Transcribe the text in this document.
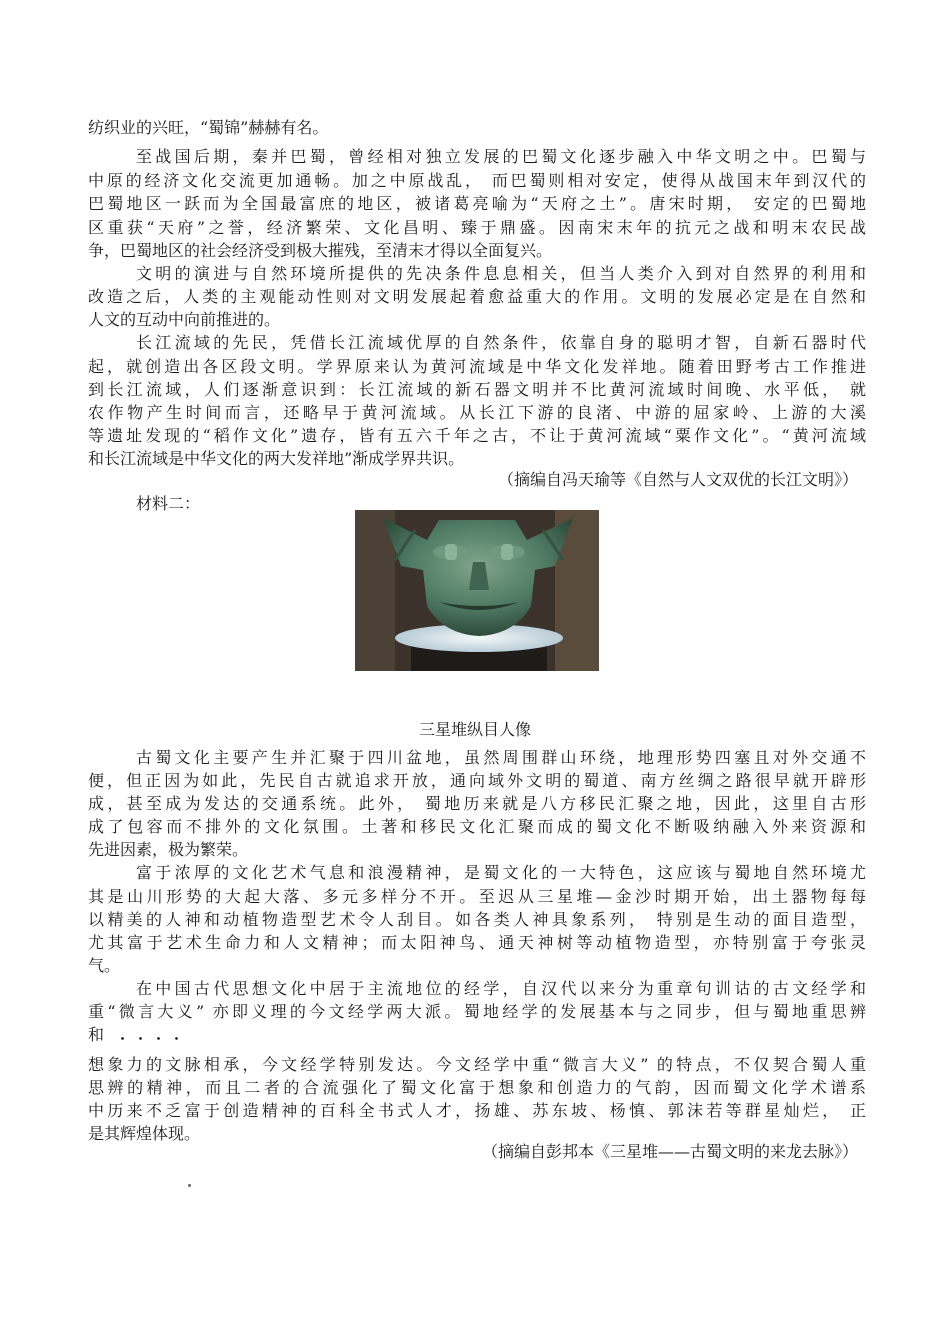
纺织业的兴旺，“蜀锦”赫赫有名。
至战国后期，秦并巴蜀，曾经相对独立发展的巴蜀文化逐步融入中华文明之中。巴蜀与
中原的经济文化交流更加通畅。加之中原战乱， 而巴蜀则相对安定，使得从战国末年到汉代的
巴蜀地区一跃而为全国最富庶的地区，被诸葛亮喻为“天府之土”。唐宋时期， 安定的巴蜀地
区重获“天府”之誉，经济繁荣、文化昌明、臻于鼎盛。因南宋末年的抗元之战和明末农民战
争，巴蜀地区的社会经济受到极大摧残，至清末才得以全面复兴。
文明的演进与自然环境所提供的先决条件息息相关，但当人类介入到对自然界的利用和
改造之后，人类的主观能动性则对文明发展起着愈益重大的作用。文明的发展必定是在自然和
人文的互动中向前推进的。
长江流域的先民，凭借长江流域优厚的自然条件，依靠自身的聪明才智，自新石器时代
起，就创造出各区段文明。学界原来认为黄河流域是中华文化发祥地。随着田野考古工作推进
到长江流域，人们逐渐意识到：长江流域的新石器文明并不比黄河流域时间晚、水平低， 就
农作物产生时间而言，还略早于黄河流域。从长江下游的良渚、中游的屈家岭、上游的大溪
等遗址发现的“稻作文化”遗存，皆有五六千年之古，不让于黄河流域“粟作文化”。“黄河流域
和长江流域是中华文化的两大发祥地”渐成学界共识。
（摘编自冯天瑜等《自然与人文双优的长江文明》）
材料二：
三星堆纵目人像
古蜀文化主要产生并汇聚于四川盆地，虽然周围群山环绕，地理形势四塞且对外交通不
便，但正因为如此，先民自古就追求开放，通向域外文明的蜀道、南方丝绸之路很早就开辟形
成，甚至成为发达的交通系统。此外， 蜀地历来就是八方移民汇聚之地，因此，这里自古形
成了包容而不排外的文化氛围。土著和移民文化汇聚而成的蜀文化不断吸纳融入外来资源和
先进因素，极为繁荣。
富于浓厚的文化艺术气息和浪漫精神，是蜀文化的一大特色，这应该与蜀地自然环境尤
其是山川形势的大起大落、多元多样分不开。至迟从三星堆—金沙时期开始，出土器物每每
以精美的人神和动植物造型艺术令人刮目。如各类人神具象系列， 特别是生动的面目造型，
尤其富于艺术生命力和人文精神；而太阳神鸟、通天神树等动植物造型，亦特别富于夸张灵
气。
在中国古代思想文化中居于主流地位的经学，自汉代以来分为重章句训诂的古文经学和
重“微言大义” 亦即义理的今文经学两大派。蜀地经学的发展基本与之同步，但与蜀地重思辨
和 ．．．．
想象力的文脉相承，今文经学特别发达。今文经学中重“微言大义” 的特点，不仅契合蜀人重
思辨的精神，而且二者的合流强化了蜀文化富于想象和创造力的气韵，因而蜀文化学术谱系
中历来不乏富于创造精神的百科全书式人才，扬雄、苏东坡、杨慎、郭沫若等群星灿烂， 正
是其辉煌体现。
（摘编自彭邦本《三星堆——古蜀文明的来龙去脉》）
